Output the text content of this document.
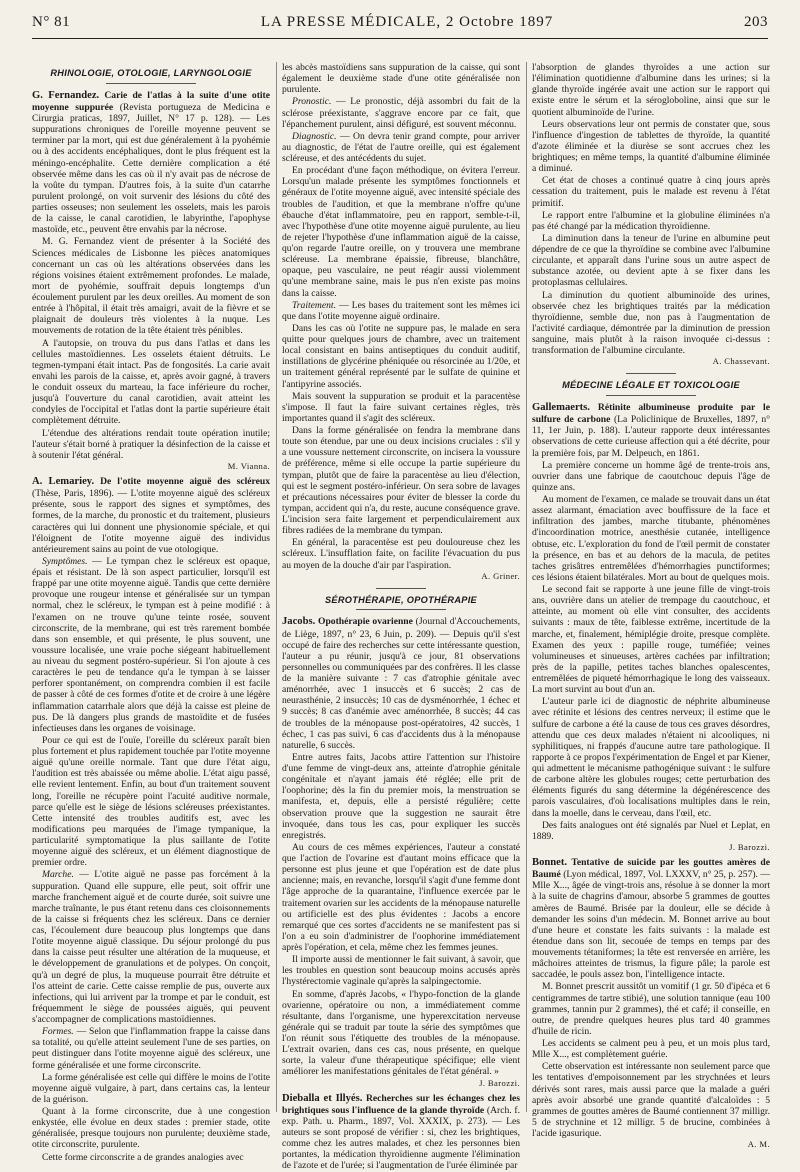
N° 81	LA PRESSE MÉDICALE, 2 Octobre 1897	203
RHINOLOGIE, OTOLOGIE, LARYNGOLOGIE

G. Fernandez. Carie de l'atlas à la suite d'une otite moyenne suppurée (Revista portugueza de Medicina e Cirurgia praticas, 1897, Juillet, N° 17 p. 128). — Les suppurations chroniques de l'oreille moyenne peuvent se terminer par la mort, qui est due généralement à la pyohémie ou à des accidents encéphaliques, dont le plus fréquent est la méningo-encéphalite. Cette dernière complication a été observée même dans les cas où il n'y avait pas de nécrose de la voûte du tympan. D'autres fois, à la suite d'un catarrhe purulent prolongé, on voit survenir des lésions du côté des parties osseuses; non seulement les osselets, mais les parois de la caisse, le canal carotidien, le labyrinthe, l'apophyse mastoïde, etc., peuvent être envahis par la nécrose.

M. G. Fernandez vient de présenter à la Société des Sciences médicales de Lisbonne les pièces anatomiques concernant un cas où les altérations observées dans les régions voisines étaient extrêmement profondes. Le malade, mort de pyohémie, souffrait depuis longtemps d'un écoulement purulent par les deux oreilles. Au moment de son entrée à l'hôpital, il était très amaigri, avait de la fièvre et se plaignait de douleurs très violentes à la nuque. Les mouvements de rotation de la tête étaient très pénibles.

A l'autopsie, on trouva du pus dans l'atlas et dans les cellules mastoïdiennes. Les osselets étaient détruits. Le tegmen-tympani était intact. Pas de fongosités. La carie avait envahi les parois de la caisse, et, après avoir gagné, à travers le conduit osseux du marteau, la face inférieure du rocher, jusqu'à l'ouverture du canal carotidien, avait atteint les condyles de l'occipital et l'atlas dont la partie supérieure était complètement détruite.

L'étendue des altérations rendait toute opération inutile; l'auteur s'était borné à pratiquer la désinfection de la caisse et à soutenir l'état général.

M. Vianna.

A. Lemariey. De l'otite moyenne aiguë des scléreux (Thèse, Paris, 1896). — L'otite moyenne aiguë des scléreux présente, sous le rapport des signes et symptômes, des formes, de la marche, du pronostic et du traitement, plusieurs caractères qui lui donnent une physionomie spéciale, et qui l'éloignent de l'otite moyenne aiguë des individus antérieurement sains au point de vue otologique.

Symptômes. — Le tympan chez le scléreux est opaque, épais et résistant. De là son aspect particulier, lorsqu'il est frappé par une otite moyenne aiguë. Tandis que cette dernière provoque une rougeur intense et généralisée sur un tympan normal, chez le scléreux, le tympan est à peine modifié : à l'examen on ne trouve qu'une teinte rosée, souvent circonscrite, de la membrane, qui est très rarement bombée dans son ensemble, et qui présente, le plus souvent, une voussure localisée, une vraie poche siégeant habituellement au niveau du segment postéro-supérieur. Si l'on ajoute à ces caractères le peu de tendance qu'a le tympan à se laisser perforer spontanément, on comprendra combien il est facile de passer à côté de ces formes d'otite et de croire à une légère inflammation catarrhale alors que déjà la caisse est pleine de pus. De là dangers plus grands de mastoïdite et de fusées infectieuses dans les organes de voisinage.

Pour ce qui est de l'ouïe, l'oreille du scléreux paraît bien plus fortement et plus rapidement touchée par l'otite moyenne aiguë qu'une oreille normale. Tant que dure l'état aigu, l'audition est très abaissée ou même abolie. L'état aigu passé, elle revient lentement. Enfin, au bout d'un traitement souvent long, l'oreille ne récupère point l'acuité auditive normale, parce qu'elle est le siège de lésions scléreuses préexistantes. Cette intensité des troubles auditifs est, avec les modifications peu marquées de l'image tympanique, la particularité symptomatique la plus saillante de l'otite moyenne aiguë des scléreux, et un élément diagnostique de premier ordre.

Marche. — L'otite aiguë ne passe pas forcément à la suppuration. Quand elle suppure, elle peut, soit offrir une marche franchement aiguë et de courte durée, soit suivre une marche traînante, le pus étant retenu dans ces cloisonnements de la caisse si fréquents chez les scléreux. Dans ce dernier cas, l'écoulement dure beaucoup plus longtemps que dans l'otite moyenne aiguë classique. Du séjour prolongé du pus dans la caisse peut résulter une altération de la muqueuse, et le développement de granulations et de polypes. On conçoit, qu'à un degré de plus, la muqueuse pourrait être détruite et l'os atteint de carie. Cette caisse remplie de pus, ouverte aux infections, qui lui arrivent par la trompe et par le conduit, est fréquemment le siège de poussées aiguës, qui peuvent s'accompagner de complications mastoïdiennes.

Formes. — Selon que l'inflammation frappe la caisse dans sa totalité, ou qu'elle atteint seulement l'une de ses parties, on peut distinguer dans l'otite moyenne aiguë des scléreux, une forme généralisée et une forme circonscrite.

La forme généralisée est celle qui diffère le moins de l'otite moyenne aiguë vulgaire, à part, dans certains cas, la lenteur de la guérison.

Quant à la forme circonscrite, due à une congestion enkystée, elle évolue en deux stades : premier stade, otite généralisée, presque toujours non purulente; deuxième stade, otite circonscrite, purulente.

Cette forme circonscrite a de grandes analogies avec

les abcès mastoïdiens sans suppuration de la caisse, qui sont également le deuxième stade d'une otite généralisée non purulente.

Pronostic. — Le pronostic, déjà assombri du fait de la sclérose préexistante, s'aggrave encore par ce fait, que l'épanchement purulent, ainsi défiguré, est souvent méconnu.

Diagnostic. — On devra tenir grand compte, pour arriver au diagnostic, de l'état de l'autre oreille, qui est également scléreuse, et des antécédents du sujet.

En procédant d'une façon méthodique, on évitera l'erreur. Lorsqu'un malade présente les symptômes fonctionnels et généraux de l'otite moyenne aiguë, avec intensité spéciale des troubles de l'audition, et que la membrane n'offre qu'une ébauche d'état inflammatoire, peu en rapport, semble-t-il, avec l'hypothèse d'une otite moyenne aiguë purulente, au lieu de rejeter l'hypothèse d'une inflammation aiguë de la caisse, qu'on regarde l'autre oreille, on y trouvera une membrane scléreuse. La membrane épaissie, fibreuse, blanchâtre, opaque, peu vasculaire, ne peut réagir aussi violemment qu'une membrane saine, mais le pus n'en existe pas moins dans la caisse.

Traitement. — Les bases du traitement sont les mêmes ici que dans l'otite moyenne aiguë ordinaire.

Dans les cas où l'otite ne suppure pas, le malade en sera quitte pour quelques jours de chambre, avec un traitement local consistant en bains antiseptiques du conduit auditif, instillations de glycérine phéniquée ou résorcinée au 1/20e, et un traitement général représenté par le sulfate de quinine et l'antipyrine associés.

Mais souvent la suppuration se produit et la paracentèse s'impose. Il faut la faire suivant certaines règles, très importantes quand il s'agit des scléreux.

Dans la forme généralisée on fendra la membrane dans toute son étendue, par une ou deux incisions cruciales : s'il y a une voussure nettement circonscrite, on incisera la voussure de préférence, même si elle occupe la partie supérieure du tympan, plutôt que de faire la paracentèse au lieu d'élection, qui est le segment postéro-inférieur. On sera sobre de lavages et précautions nécessaires pour éviter de blesser la corde du tympan, accident qui n'a, du reste, aucune conséquence grave. L'incision sera faite largement et perpendiculairement aux fibres radiées de la membrane du tympan.

En général, la paracentèse est peu douloureuse chez les scléreux. L'insufflation faite, on facilite l'évacuation du pus au moyen de la douche d'air par l'aspiration.

A. Griner.
SÉROTHÉRAPIE, OPOTHÉRAPIE

Jacobs. Opothérapie ovarienne (Journal d'Accouchements, de Liège, 1897, n° 23, 6 Juin, p. 209). — Depuis qu'il s'est occupé de faire des recherches sur cette intéressante question, l'auteur a pu réunir, jusqu'à ce jour, 81 observations personnelles ou communiquées par des confrères. Il les classe de la manière suivante : 7 cas d'atrophie génitale avec aménorrhée, avec 1 insuccès et 6 succès; 2 cas de neurasthénie, 2 insuccès; 10 cas de dysménorrhée, 1 échec et 9 succès; 8 cas d'anémie avec aménorrhée, 8 succès; 44 cas de troubles de la ménopause post-opératoires, 42 succès, 1 échec, 1 cas pas suivi, 6 cas d'accidents dus à la ménopause naturelle, 6 succès.

Entre autres faits, Jacobs attire l'attention sur l'histoire d'une femme de vingt-deux ans, atteinte d'atrophie génitale congénitale et n'ayant jamais été réglée; elle prit de l'oophorine; dès la fin du premier mois, la menstruation se manifesta, et, depuis, elle a persisté régulière; cette observation prouve que la suggestion ne saurait être invoquée, dans tous les cas, pour expliquer les succès enregistrés.

Au cours de ces mêmes expériences, l'auteur a constaté que l'action de l'ovarine est d'autant moins efficace que la personne est plus jeune et que l'opération est de date plus ancienne; mais, en revanche, lorsqu'il s'agit d'une femme dont l'âge approche de la quarantaine, l'influence exercée par le traitement ovarien sur les accidents de la ménopause naturelle ou artificielle est des plus évidentes : Jacobs a encore remarqué que ces sortes d'accidents ne se manifestent pas si l'on a eu soin d'administrer de l'oophorine immédiatement après l'opération, et cela, même chez les femmes jeunes.

Il importe aussi de mentionner le fait suivant, à savoir, que les troubles en question sont beaucoup moins accusés après l'hystérectomie vaginale qu'après la salpingectomie.

En somme, d'après Jacobs, « l'hypo-fonction de la glande ovarienne, opératoire ou non, a immédiatement comme résultante, dans l'organisme, une hyperexcitation nerveuse générale qui se traduit par toute la série des symptômes que l'on réunit sous l'étiquette des troubles de la ménopause. L'extrait ovarien, dans ces cas, nous présente, en quelque sorte, la valeur d'une thérapeutique spécifique; elle vient améliorer les manifestations génitales de l'état général. »

J. Barozzi.

Dieballa et Illyés. Recherches sur les échanges chez les brightiques sous l'influence de la glande thyroïde (Arch. f. exp. Path. u. Pharm., 1897, Vol. XXXIX, p. 273). — Les auteurs se sont proposé de vérifier : si, chez les brightiques, comme chez les autres malades, et chez les personnes bien portantes, la médication thyroïdienne augmente l'élimination de l'azote et de l'urée; si l'augmentation de l'urée éliminée par

l'absorption de glandes thyroïdes a une action sur l'élimination quotidienne d'albumine dans les urines; si la glande thyroïde ingérée avait une action sur le rapport qui existe entre le sérum et la sérogloboline, ainsi que sur le quotient albuminoïde de l'urine.

Leurs observations leur ont permis de constater que, sous l'influence d'ingestion de tablettes de thyroïde, la quantité d'azote éliminée et la diurèse se sont accrues chez les brightiques; en même temps, la quantité d'albumine éliminée a diminué.

Cet état de choses a continué quatre à cinq jours après cessation du traitement, puis le malade est revenu à l'état primitif.

Le rapport entre l'albumine et la globuline éliminées n'a pas été changé par la médication thyroïdienne.

La diminution dans la teneur de l'urine en albumine peut dépendre de ce que la thyroïdine se combine avec l'albumine circulante, et apparaît dans l'urine sous un autre aspect de substance azotée, ou devient apte à se fixer dans les protoplasmas cellulaires.

La diminution du quotient albuminoïde des urines, observée chez les brightiques traités par la médication thyroïdienne, semble due, non pas à l'augmentation de l'activité cardiaque, démontrée par la diminution de pression sanguine, mais plutôt à la raison invoquée ci-dessus : transformation de l'albumine circulante.

A. Chassevant.
MÉDECINE LÉGALE ET TOXICOLOGIE

Gallemaerts. Rétinite albumineuse produite par le sulfure de carbone (La Policlinique de Bruxelles, 1897, n° 11, 1er Juin, p. 188). L'auteur rapporte deux intéressantes observations de cette curieuse affection qui a été décrite, pour la première fois, par M. Delpeuch, en 1861.

La première concerne un homme âgé de trente-trois ans, ouvrier dans une fabrique de caoutchouc depuis l'âge de quinze ans.

Au moment de l'examen, ce malade se trouvait dans un état assez alarmant, émaciation avec bouffissure de la face et infiltration des jambes, marche titubante, phénomènes d'incoordination motrice, anesthésie cutanée, intelligence obtuse, etc. L'exploration du fond de l'œil permit de constater la présence, en bas et au dehors de la macula, de petites taches grisâtres entremêlées d'hémorrhagies punctiformes; ces lésions étaient bilatérales. Mort au bout de quelques mois.

Le second fait se rapporte à une jeune fille de vingt-trois ans, ouvrière dans un atelier de trempage du caoutchouc, et atteinte, au moment où elle vint consulter, des accidents suivants : maux de tête, faiblesse extrême, incertitude de la marche, et, finalement, hémiplégie droite, presque complète. Examen des yeux : papille rouge, tuméfiée; veines volumineuses et sinueuses, artères cachées par infiltration; près de la papille, petites taches blanches opalescentes, entremêlées de piqueté hémorrhagique le long des vaisseaux. La mort survint au bout d'un an.

L'auteur parle ici de diagnostic de néphrite albumineuse avec rétinite et lésions des centres nerveux; il estime que le sulfure de carbone a été la cause de tous ces graves désordres, attendu que ces deux malades n'étaient ni alcooliques, ni syphilitiques, ni frappés d'aucune autre tare pathologique. Il rapporte à ce propos l'expérimentation de Engel et par Kiener, qui admettent le mécanisme pathogénique suivant : le sulfure de carbone altère les globules rouges; cette perturbation des éléments figurés du sang détermine la dégénérescence des parois vasculaires, d'où localisations multiples dans le rein, dans la moelle, dans le cerveau, dans l'œil, etc.

Des faits analogues ont été signalés par Nuel et Leplat, en 1889.

J. Barozzi.

Bonnet. Tentative de suicide par les gouttes amères de Baumé (Lyon médical, 1897, Vol. LXXXV, n° 25, p. 257). — Mlle X..., âgée de vingt-trois ans, résolue à se donner la mort à la suite de chagrins d'amour, absorbe 5 grammes de gouttes amères de Baumé. Brisée par la douleur, elle se décide à demander les soins d'un médecin. M. Bonnet arrive au bout d'une heure et constate les faits suivants : la malade est étendue dans son lit, secouée de temps en temps par des mouvements tétaniformes; la tête est renversée en arrière, les mâchoires atteintes de trismus, la figure pâle; la parole est saccadée, le pouls assez bon, l'intelligence intacte.

M. Bonnet prescrit aussitôt un vomitif (1 gr. 50 d'ipéca et 6 centigrammes de tartre stibié), une solution tannique (eau 100 grammes, tannin pur 2 grammes), thé et café; il conseille, en outre, de prendre quelques heures plus tard 40 grammes d'huile de ricin.

Les accidents se calment peu à peu, et un mois plus tard, Mlle X..., est complètement guérie.

Cette observation est intéressante non seulement parce que les tentatives d'empoisonnement par les strychnées et leurs dérivés sont rares, mais aussi parce que la malade a guéri après avoir absorbé une grande quantité d'alcaloïdes : 5 grammes de gouttes amères de Baumé contiennent 37 milligr. 5 de strychnine et 12 milligr. 5 de brucine, combinées à l'acide igasurique.

A. M.
